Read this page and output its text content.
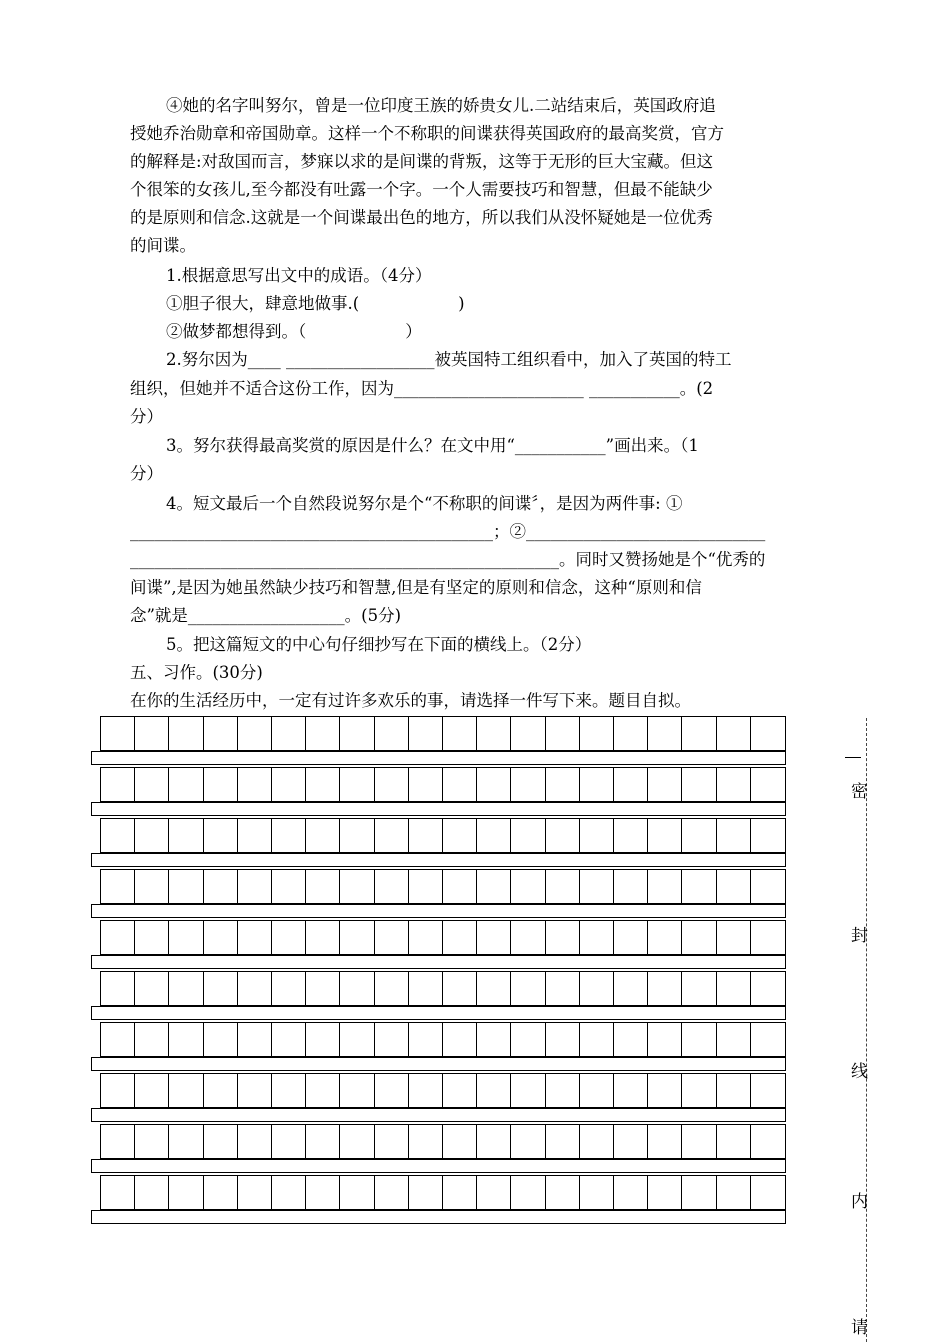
④她的名字叫努尔，曾是一位印度王族的娇贵女儿.二站结束后，英国政府追
授她乔治勋章和帝国勋章。这样一个不称职的间谍获得英国政府的最高奖赏，官方
的解释是:对敌国而言，梦寐以求的是间谍的背叛，这等于无形的巨大宝藏。但这
个很笨的女孩儿,至今都没有吐露一个字。一个人需要技巧和智慧，但最不能缺少
的是原则和信念.这就是一个间谍最出色的地方，所以我们从没怀疑她是一位优秀
的间谍。
1.根据意思写出文中的成语。（4分）
①胆子很大，肆意地做事.(　　　　　　)
②做梦都想得到。（　　　　　　）
2.努尔因为____ __________________被英国特工组织看中，加入了英国的特工
组织，但她并不适合这份工作，因为_______________________ ___________。(2
分）
3。努尔获得最高奖赏的原因是什么？在文中用“___________”画出来。（1
分）
4。短文最后一个自然段说努尔是个“不称职的间谍〞，是因为两件事: ①
____________________________________________；②_____________________________
____________________________________________________。同时又赞扬她是个“优秀的
间谍”,是因为她虽然缺少技巧和智慧,但是有坚定的原则和信念，这种“原则和信
念”就是___________________。(5分)
5。把这篇短文的中心句仔细抄写在下面的横线上。（2分）
五、习作。(30分)
在你的生活经历中，一定有过许多欢乐的事，请选择一件写下来。题目自拟。
密
封
线
内
请
